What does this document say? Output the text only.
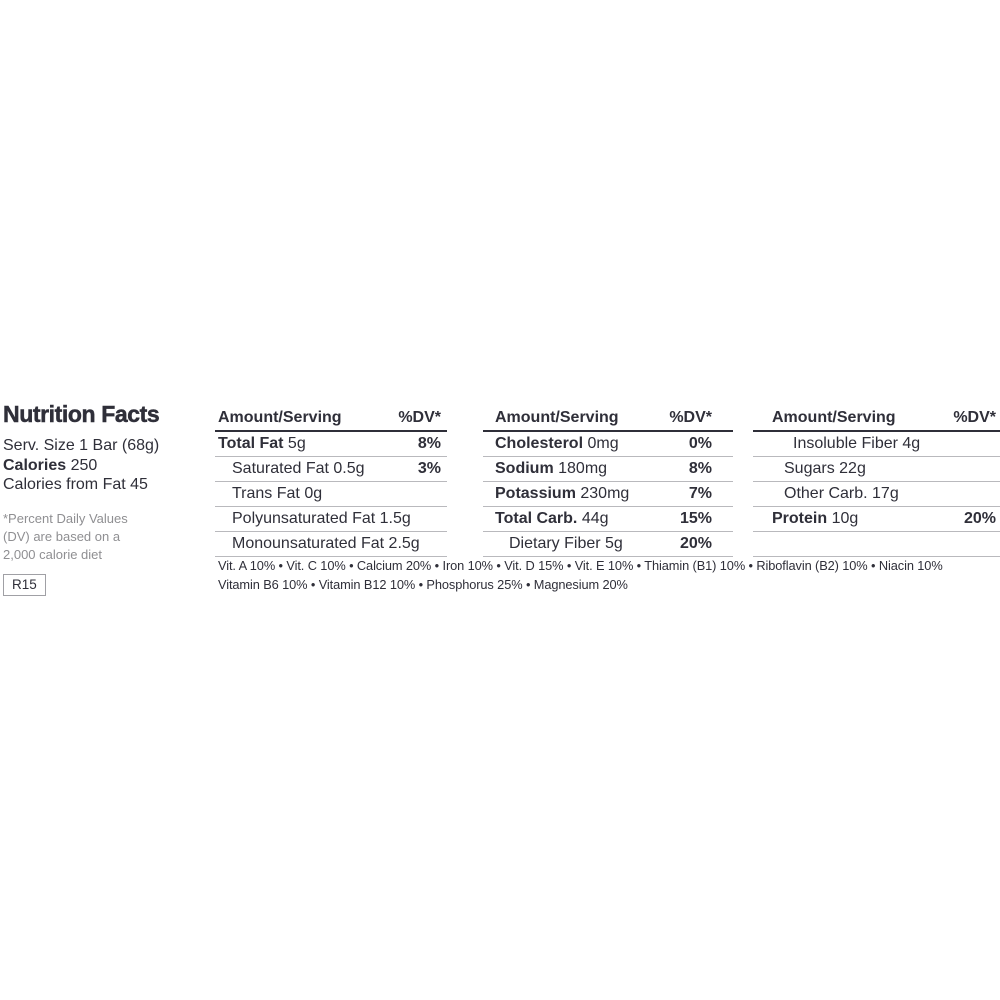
Nutrition Facts
Serv. Size 1 Bar (68g)
Calories 250
Calories from Fat 45
*Percent Daily Values
(DV) are based on a
2,000 calorie diet
R15
Amount/Serving	%DV*
Total Fat 5g	8%
Saturated Fat 0.5g	3%
Trans Fat 0g
Polyunsaturated Fat 1.5g
Monounsaturated Fat 2.5g
Amount/Serving	%DV*
Cholesterol 0mg	0%
Sodium 180mg	8%
Potassium 230mg	7%
Total Carb. 44g	15%
Dietary Fiber 5g	20%
Amount/Serving	%DV*
Insoluble Fiber 4g
Sugars 22g
Other Carb. 17g
Protein 10g	20%
Vit. A 10% • Vit. C 10% • Calcium 20% • Iron 10% • Vit. D 15% • Vit. E 10% • Thiamin (B1) 10% • Riboflavin (B2) 10% • Niacin 10%
Vitamin B6 10% • Vitamin B12 10% • Phosphorus 25% • Magnesium 20%
